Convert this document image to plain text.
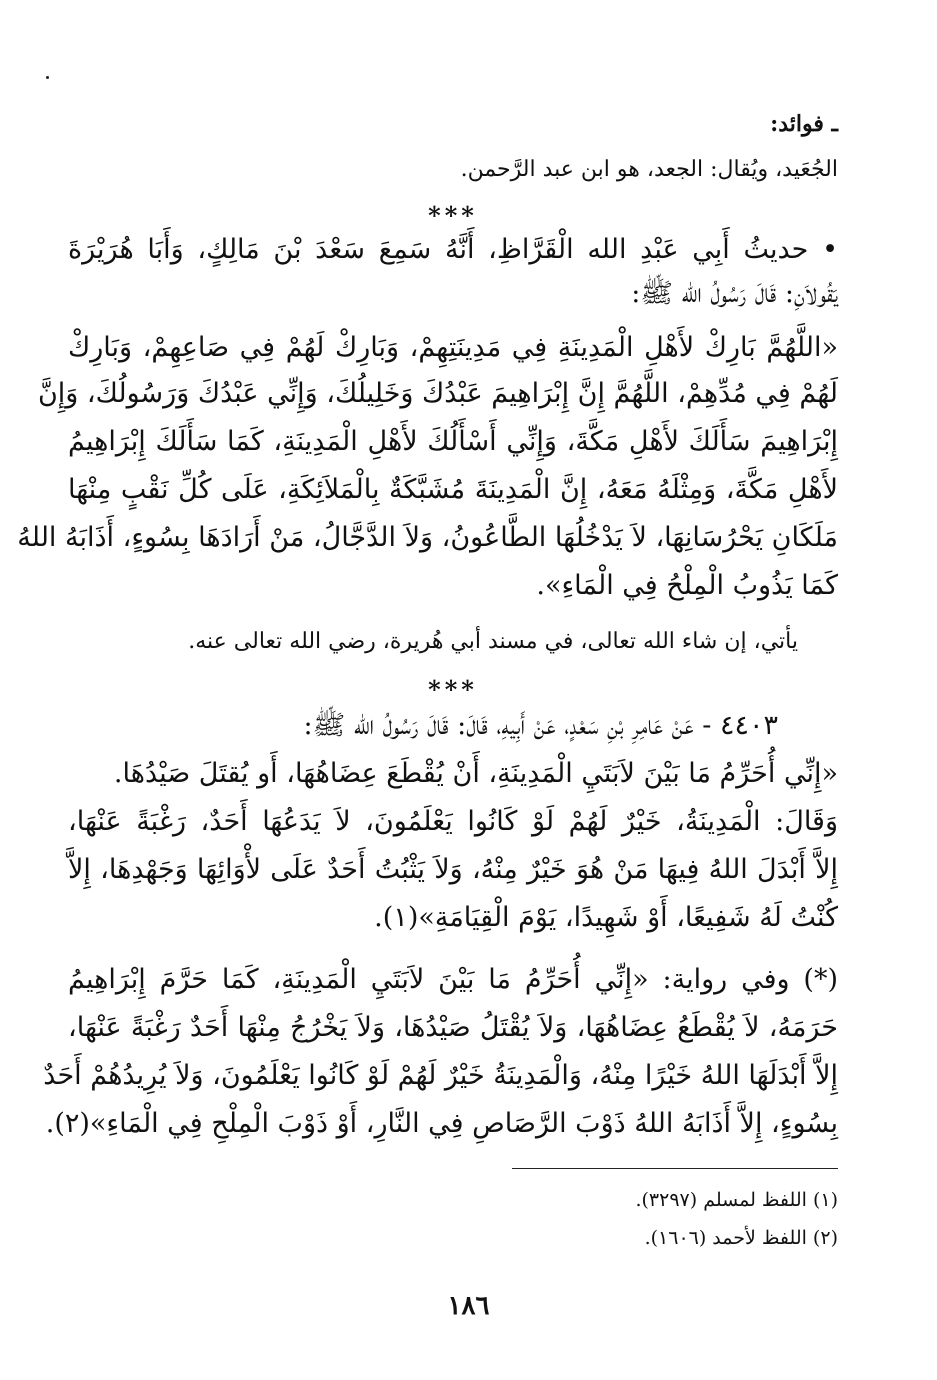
ـ فوائد:
الجُعَيد، ويُقال: الجعد، هو ابن عبد الرَّحمن.
***
• حديثُ أَبِي عَبْدِ الله الْقَرَّاظِ، أَنَّهُ سَمِعَ سَعْدَ بْنَ مَالِكٍ، وَأَبَا هُرَيْرَةَ
يَقُولاَنِ: قَالَ رَسُولُ الله ﷺ:
«اللَّهُمَّ بَارِكْ لأَهْلِ الْمَدِينَةِ فِي مَدِينَتِهِمْ، وَبَارِكْ لَهُمْ فِي صَاعِهِمْ، وَبَارِكْ
لَهُمْ فِي مُدِّهِمْ، اللَّهُمَّ إِنَّ إِبْرَاهِيمَ عَبْدُكَ وَخَلِيلُكَ، وَإِنِّي عَبْدُكَ وَرَسُولُكَ، وَإِنَّ
إِبْرَاهِيمَ سَأَلَكَ لأَهْلِ مَكَّةَ، وَإِنِّي أَسْأَلُكَ لأَهْلِ الْمَدِينَةِ، كَمَا سَأَلَكَ إِبْرَاهِيمُ
لأَهْلِ مَكَّةَ، وَمِثْلَهُ مَعَهُ، إِنَّ الْمَدِينَةَ مُشَبَّكَةٌ بِالْمَلاَئِكَةِ، عَلَى كُلِّ نَقْبٍ مِنْهَا
مَلَكَانِ يَحْرُسَانِهَا، لاَ يَدْخُلُهَا الطَّاعُونُ، وَلاَ الدَّجَّالُ، مَنْ أَرَادَهَا بِسُوءٍ، أَذَابَهُ اللهُ
كَمَا يَذُوبُ الْمِلْحُ فِي الْمَاءِ».
يأتي، إن شاء الله تعالى، في مسند أبي هُريرة، رضي الله تعالى عنه.
***
٤٤٠٣ - عَنْ عَامِرِ بْنِ سَعْدٍ، عَنْ أَبِيهِ، قَالَ: قَالَ رَسُولُ الله ﷺ:
«إِنِّي أُحَرِّمُ مَا بَيْنَ لاَبَتَيِ الْمَدِينَةِ، أَنْ يُقْطَعَ عِضَاهُهَا، أَو يُقتَلَ صَيْدُهَا.
وَقَالَ: الْمَدِينَةُ، خَيْرٌ لَهُمْ لَوْ كَانُوا يَعْلَمُونَ، لاَ يَدَعُهَا أَحَدٌ، رَغْبَةً عَنْهَا،
إِلاَّ أَبْدَلَ اللهُ فِيهَا مَنْ هُوَ خَيْرٌ مِنْهُ، وَلاَ يَثْبُتُ أَحَدٌ عَلَى لأْوَائِهَا وَجَهْدِهَا، إِلاَّ
كُنْتُ لَهُ شَفِيعًا، أَوْ شَهِيدًا، يَوْمَ الْقِيَامَةِ»(١).
(*) وفي رواية: «إِنِّي أُحَرِّمُ مَا بَيْنَ لاَبَتَيِ الْمَدِينَةِ، كَمَا حَرَّمَ إِبْرَاهِيمُ
حَرَمَهُ، لاَ يُقْطَعُ عِضَاهُهَا، وَلاَ يُقْتَلُ صَيْدُهَا، وَلاَ يَخْرُجُ مِنْهَا أَحَدٌ رَغْبَةً عَنْهَا،
إِلاَّ أَبْدَلَهَا اللهُ خَيْرًا مِنْهُ، وَالْمَدِينَةُ خَيْرٌ لَهُمْ لَوْ كَانُوا يَعْلَمُونَ، وَلاَ يُرِيدُهُمْ أَحَدٌ
بِسُوءٍ، إِلاَّ أَذَابَهُ اللهُ ذَوْبَ الرَّصَاصِ فِي النَّارِ، أَوْ ذَوْبَ الْمِلْحِ فِي الْمَاءِ»(٢).
(١) اللفظ لمسلم (٣٢٩٧).
(٢) اللفظ لأحمد (١٦٠٦).
١٨٦
